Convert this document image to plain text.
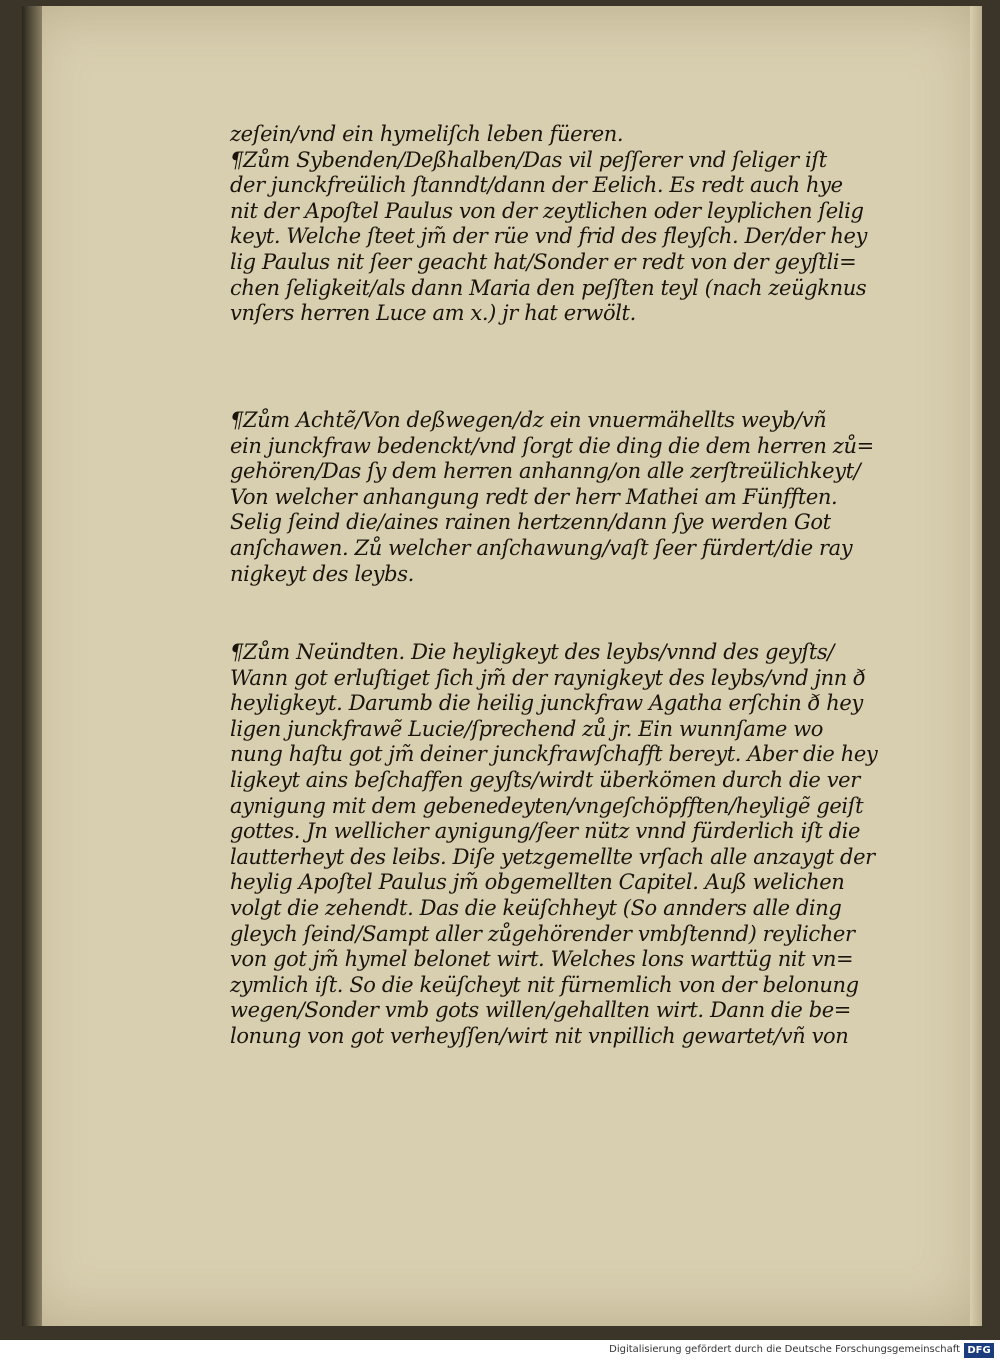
zeſein/vnd ein hymeliſch leben füeren.
¶Zům Sybenden/Deßhalben/Das vil peſſerer vnd ſeliger iſt
der junckfreülich ſtanndt/dann der Eelich. Es redt auch hye
nit der Apoſtel Paulus von der zeytlichen oder leyplichen ſelig
keyt. Welche ſteet jm̃ der rüe vnd frid des fleyſch. Der/der hey
lig Paulus nit ſeer geacht hat/Sonder er redt von der geyſtli=
chen ſeligkeit/als dann Maria den peſſten teyl (nach zeügknus
vnſers herren Luce am x.) jr hat erwölt.
¶Zům Achtẽ/Von deßwegen/dz ein vnuermähellts weyb/vñ
ein junckfraw bedenckt/vnd ſorgt die ding die dem herren zů=
gehören/Das ſy dem herren anhanng/on alle zerſtreülichkeyt/
Von welcher anhangung redt der herr Mathei am Fünfften.
Selig ſeind die/aines rainen hertzenn/dann ſye werden Got
anſchawen. Zů welcher anſchawung/vaſt ſeer fürdert/die ray
nigkeyt des leybs.
¶Zům Neündten. Die heyligkeyt des leybs/vnnd des geyſts/
Wann got erluſtiget ſich jm̃ der raynigkeyt des leybs/vnd jnn ð
heyligkeyt. Darumb die heilig junckfraw Agatha erſchin ð hey
ligen junckfrawẽ Lucie/ſprechend zů jr. Ein wunnſame wo
nung haſtu got jm̃ deiner junckfrawſchafft bereyt. Aber die hey
ligkeyt ains beſchaffen geyſts/wirdt überkömen durch die ver
aynigung mit dem gebenedeyten/vngeſchöpfften/heyligẽ geiſt
gottes. Jn wellicher aynigung/ſeer nütz vnnd fürderlich iſt die
lautterheyt des leibs. Diſe yetzgemellte vrſach alle anzaygt der
heylig Apoſtel Paulus jm̃ obgemellten Capitel. Auß welichen
volgt die zehendt. Das die keüſchheyt (So annders alle ding
gleych ſeind/Sampt aller zůgehörender vmbſtennd) reylicher
von got jm̃ hymel belonet wirt. Welches lons warttüg nit vn=
zymlich iſt. So die keüſcheyt nit fürnemlich von der belonung
wegen/Sonder vmb gots willen/gehallten wirt. Dann die be=
lonung von got verheyſſen/wirt nit vnpillich gewartet/vñ von
Digitalisierung gefördert durch die Deutsche Forschungsgemeinschaft DFG
